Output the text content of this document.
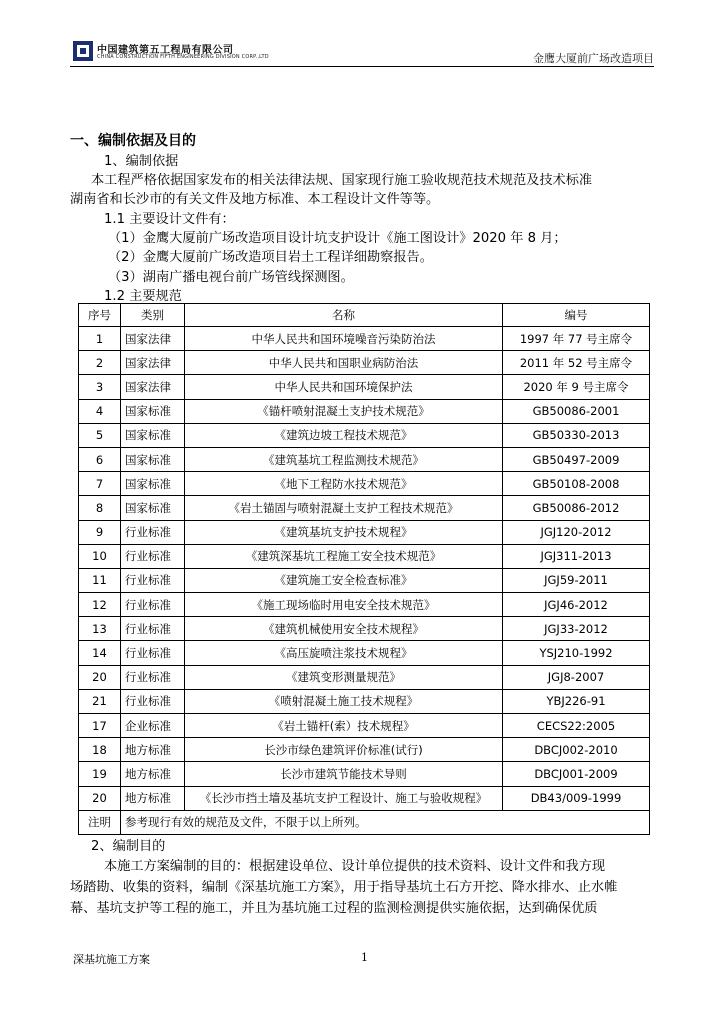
中国建筑第五工程局有限公司
CHINA CONSTRUCTION FIFTH ENGINEERING DIVISION CORP.,LTD	金鹰大厦前广场改造项目
一、编制依据及目的
1、编制依据
本工程严格依据国家发布的相关法律法规、国家现行施工验收规范技术规范及技术标准
湖南省和长沙市的有关文件及地方标准、本工程设计文件等等。
1.1 主要设计文件有：
（1）金鹰大厦前广场改造项目设计坑支护设计《施工图设计》2020 年 8 月；
（2）金鹰大厦前广场改造项目岩土工程详细勘察报告。
（3）湖南广播电视台前广场管线探测图。
1.2 主要规范
序号	类别	名称	编号
1	国家法律	中华人民共和国环境噪音污染防治法	1997 年 77 号主席令
2	国家法律	中华人民共和国职业病防治法	2011 年 52 号主席令
3	国家法律	中华人民共和国环境保护法	2020 年 9 号主席令
4	国家标准	《锚杆喷射混凝土支护技术规范》	GB50086-2001
5	国家标准	《建筑边坡工程技术规范》	GB50330-2013
6	国家标准	《建筑基坑工程监测技术规范》	GB50497-2009
7	国家标准	《地下工程防水技术规范》	GB50108-2008
8	国家标准	《岩土锚固与喷射混凝土支护工程技术规范》	GB50086-2012
9	行业标准	《建筑基坑支护技术规程》	JGJ120-2012
10	行业标准	《建筑深基坑工程施工安全技术规范》	JGJ311-2013
11	行业标准	《建筑施工安全检查标准》	JGJ59-2011
12	行业标准	《施工现场临时用电安全技术规范》	JGJ46-2012
13	行业标准	《建筑机械使用安全技术规程》	JGJ33-2012
14	行业标准	《高压旋喷注浆技术规程》	YSJ210-1992
20	行业标准	《建筑变形测量规范》	JGJ8-2007
21	行业标准	《喷射混凝土施工技术规程》	YBJ226-91
17	企业标准	《岩土锚杆(索）技术规程》	CECS22:2005
18	地方标准	长沙市绿色建筑评价标准(试行)	DBCJ002-2010
19	地方标准	长沙市建筑节能技术导则	DBCJ001-2009
20	地方标准	《长沙市挡土墙及基坑支护工程设计、施工与验收规程》	DB43/009-1999
注明	参考现行有效的规范及文件，不限于以上所列。		
2、编制目的
本施工方案编制的目的：根据建设单位、设计单位提供的技术资料、设计文件和我方现
场踏勘、收集的资料，编制《深基坑施工方案》，用于指导基坑土石方开挖、降水排水、止水帷
幕、基坑支护等工程的施工，并且为基坑施工过程的监测检测提供实施依据，达到确保优质
深基坑施工方案	1
